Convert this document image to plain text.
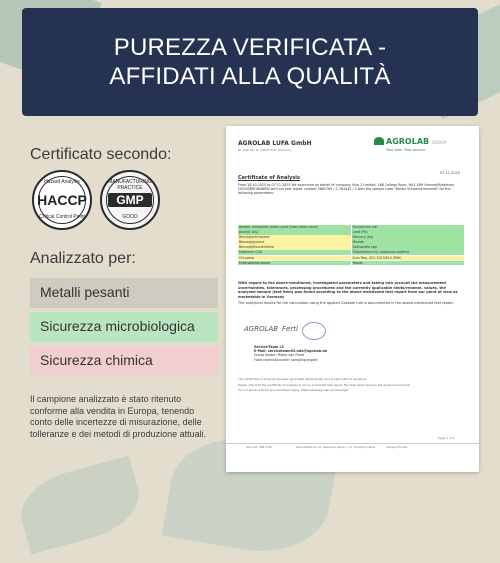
PUREZZA VERIFICATA -
AFFIDATI ALLA QUALITÀ
Certificato secondo:
Hazard Analysis
HACCP
Critical Control Point
MANUFACTURING PRACTICE
GMP
GOOD
Analizzato per:
Metalli pesanti
Sicurezza microbiologica
Sicurezza chimica
Il campione analizzato è stato ritenuto conforme alla vendita in Europa, tenendo conto delle incertezze di misurazione, delle tolleranze e dei metodi di produzione attuali.
AGROLAB LUFA GmbH
Dr.-Hell-Str. 6, 24107 Kiel, Germany
AGROLAB GROUP
Your labs. Your service.
07.11.2025
Certificate of Analysis
From 28.10.2025 to 07.11.2025 We examined on behalf of company Viva 2 Limited, 166 College Road, HA1 1BH Harrow/Middlesex, GROSSBRITANNIEN with our test report number 3681789 / 2-764442 / 2 with the sample code "Rasbu Schwarzkümmelöl" for the following parameters:
Aerobic mesophilic plate count (total plate count)	Escherichia coli
Arsenic (As)	Lead (Pb)
Benz(a)anthracene	Mercury (Hg)
Benzo(a)pyrene	Moulds
Benzo(b)fluoranthene	Salmonella spp
Cadmium (Cd)	Staphylococcus, coagulase-positive
Chrysene	Sum Reg. (EC) 2023/915 (PAH)
Enterobacteriaceae	Yeasts
With regard to the above-mentioned, investigated parameters and taking into account the measurement uncertainties, tolerances, processing procedures and the currently applicable limits/recomm. values, the analyzed sample (test item) was found according to the above mentioned test report from our point of view as marketable in Germany
The analytical results for the calculation using the applied Gesetze rule is documented in the above-mentioned test report.
AGROLAB Fertl
Service-Team L3
E-Mail: serviceteam03.lufa@agrolab.de
Group leader: Maike von Fintel
Food chemist/counter sampling expert
This Certificate of Analysis has been generated electronically and is valid without signature.
Please note that the Certificate of Analysis is not an accredited test report. The test report remains the decisive document.
For our General Terms and Conditions apply: https://www.agrolab.com/en/legal
Page 1 of 1
Sitz: Kiel, HRB 3796	Geschäftsführer: Dr. Stephanie Nagorny, Dr. Christoph Kähler	Amtsgericht Kiel
